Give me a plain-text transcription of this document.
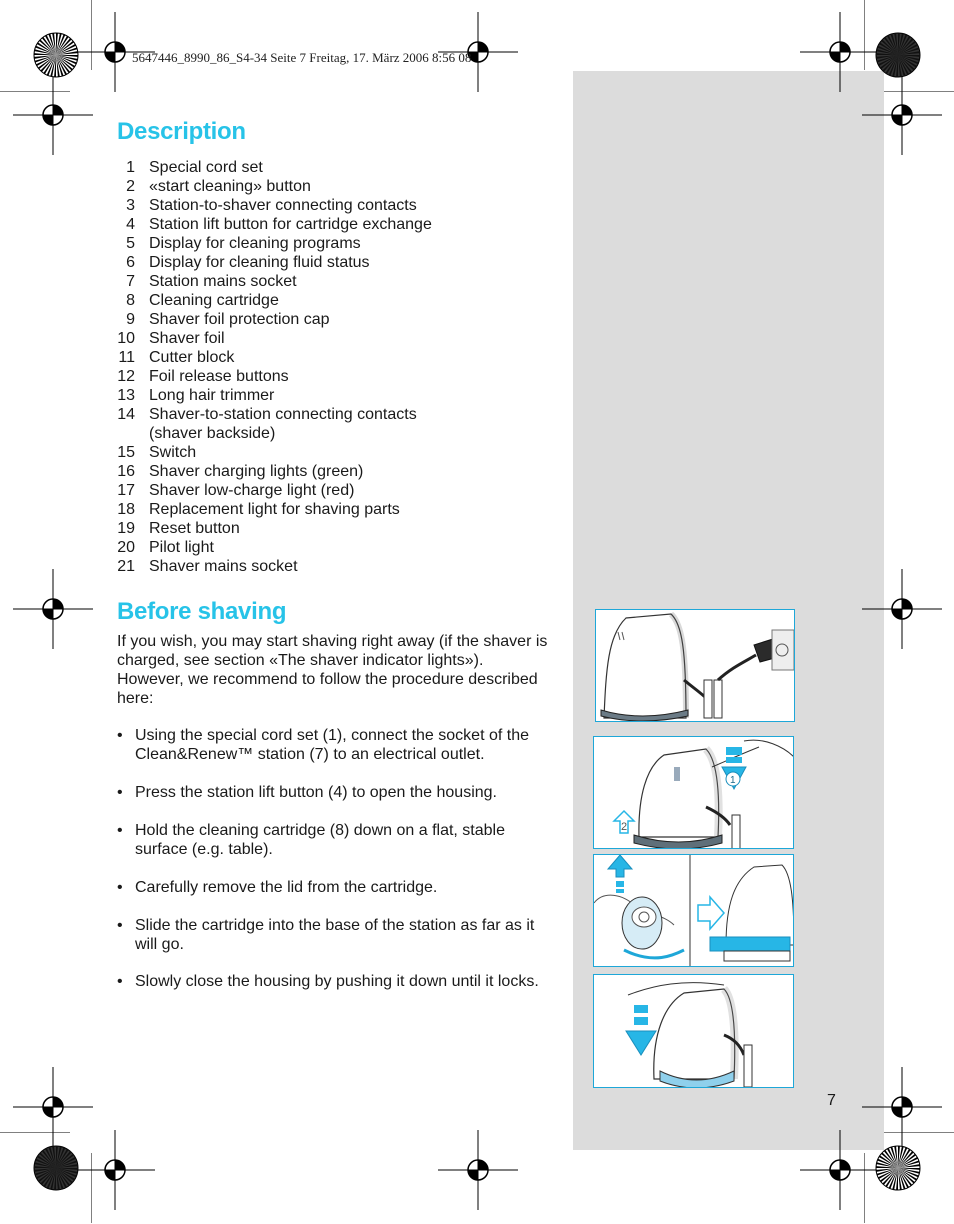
5647446_8990_86_S4-34 Seite 7 Freitag, 17. März 2006 8:56 08
Description
1 Special cord set
2 «start cleaning» button
3 Station-to-shaver connecting contacts
4 Station lift button for cartridge exchange
5 Display for cleaning programs
6 Display for cleaning fluid status
7 Station mains socket
8 Cleaning cartridge
9 Shaver foil protection cap
10 Shaver foil
11 Cutter block
12 Foil release buttons
13 Long hair trimmer
14 Shaver-to-station connecting contacts
(shaver backside)
15 Switch
16 Shaver charging lights (green)
17 Shaver low-charge light (red)
18 Replacement light for shaving parts
19 Reset button
20 Pilot light
21 Shaver mains socket
Before shaving
If you wish, you may start shaving right away (if the shaver is charged, see section «The shaver indicator lights»). However, we recommend to follow the procedure described here:
• Using the special cord set (1), connect the socket of the Clean&Renew™ station (7) to an electrical outlet.
• Press the station lift button (4) to open the housing.
• Hold the cleaning cartridge (8) down on a flat, stable surface (e.g. table).
• Carefully remove the lid from the cartridge.
• Slide the cartridge into the base of the station as far as it will go.
• Slowly close the housing by pushing it down until it locks.
1
2
7
